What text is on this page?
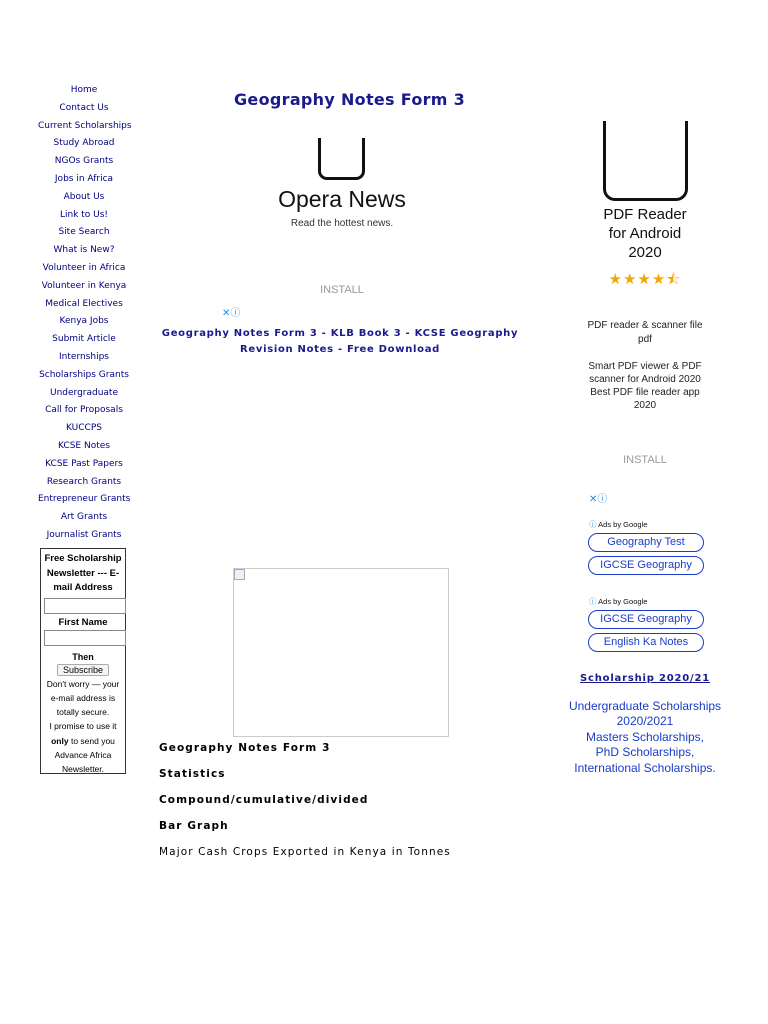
Home
Contact Us
Current Scholarships
Study Abroad
NGOs Grants
Jobs in Africa
About Us
Link to Us!
Site Search
What is New?
Volunteer in Africa
Volunteer in Kenya
Medical Electives
Kenya Jobs
Submit Article
Internships
Scholarships Grants
Undergraduate
Call for Proposals
KUCCPS
KCSE Notes
KCSE Past Papers
Research Grants
Entrepreneur Grants
Art Grants
Journalist Grants
Free Scholarship Newsletter --- E-mail Address
First Name
Then
Subscribe
Don't worry — your e-mail address is totally secure.
I promise to use it
only to send you Advance Africa Newsletter.
Geography Notes Form 3
Opera News
Read the hottest news.
INSTALL
✕ⓘ
Geography Notes Form 3 - KLB Book 3 - KCSE Geography Revision Notes - Free Download
Geography Notes Form 3
Statistics
Compound/cumulative/divided
Bar Graph
Major Cash Crops Exported in Kenya in Tonnes
PDF Reader
for Android
2020
★★★★⯪
PDF reader & scanner file pdf
Smart PDF viewer & PDF scanner for Android 2020 Best PDF file reader app 2020
INSTALL
✕ⓘ
ⓘ Ads by Google
Geography Test
IGCSE Geography
ⓘ Ads by Google
IGCSE Geography
English Ka Notes
Scholarship 2020/21
Undergraduate Scholarships 2020/2021
Masters Scholarships,
PhD Scholarships,
International Scholarships.
